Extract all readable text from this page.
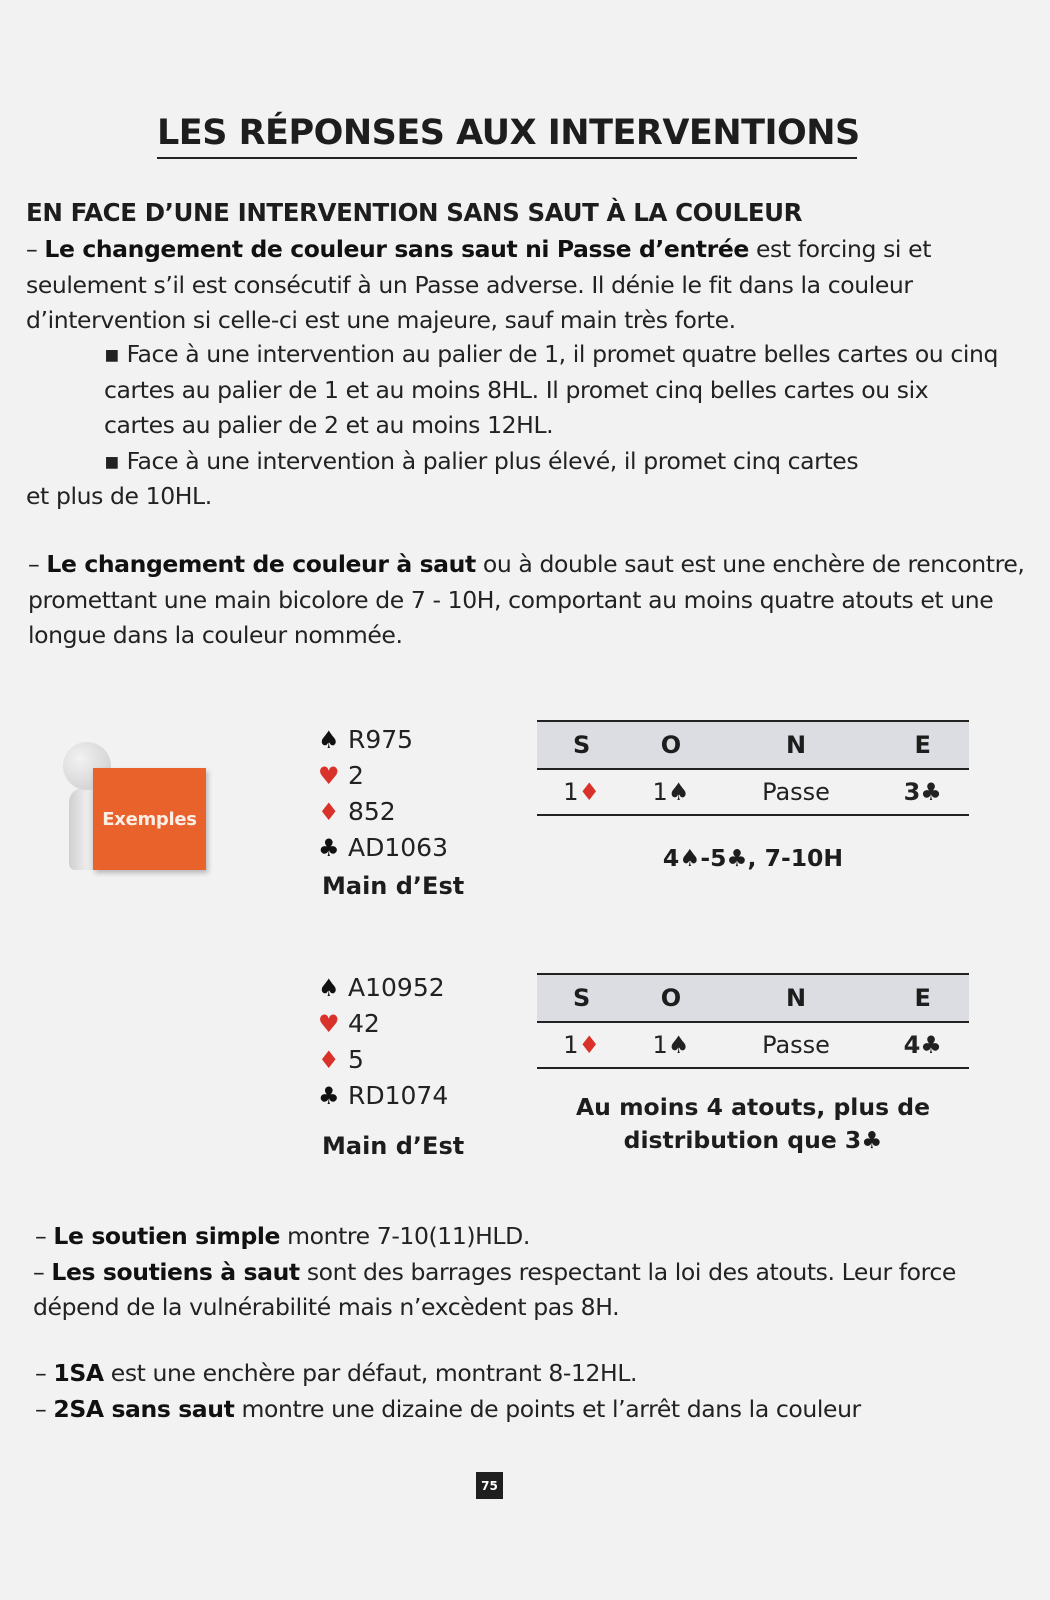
LES RÉPONSES AUX INTERVENTIONS
EN FACE D’UNE INTERVENTION SANS SAUT À LA COULEUR
– Le changement de couleur sans saut ni Passe d’entrée est forcing si et seulement s’il est consécutif à un Passe adverse. Il dénie le fit dans la couleur d’intervention si celle-ci est une majeure, sauf main très forte.
▪ Face à une intervention au palier de 1, il promet quatre belles cartes ou cinq cartes au palier de 1 et au moins 8HL. Il promet cinq belles cartes ou six cartes au palier de 2 et au moins 12HL.
▪ Face à une intervention à palier plus élevé, il promet cinq cartes
et plus de 10HL.
– Le changement de couleur à saut ou à double saut est une enchère de rencontre, promettant une main bicolore de 7 - 10H, comportant au moins quatre atouts et une longue dans la couleur nommée.
Exemples
♠ R975
♥ 2
♦ 852
♣ AD1063
Main d’Est
S	O	N	E
1♦	1♠	Passe	3♣
4♠-5♣, 7-10H
♠ A10952
♥ 42
♦ 5
♣ RD1074
Main d’Est
S	O	N	E
1♦	1♠	Passe	4♣
Au moins 4 atouts, plus de distribution que 3♣
– Le soutien simple montre 7-10(11)HLD.
– Les soutiens à saut sont des barrages respectant la loi des atouts. Leur force dépend de la vulnérabilité mais n’excèdent pas 8H.
– 1SA est une enchère par défaut, montrant 8-12HL.
– 2SA sans saut montre une dizaine de points et l’arrêt dans la couleur
75
